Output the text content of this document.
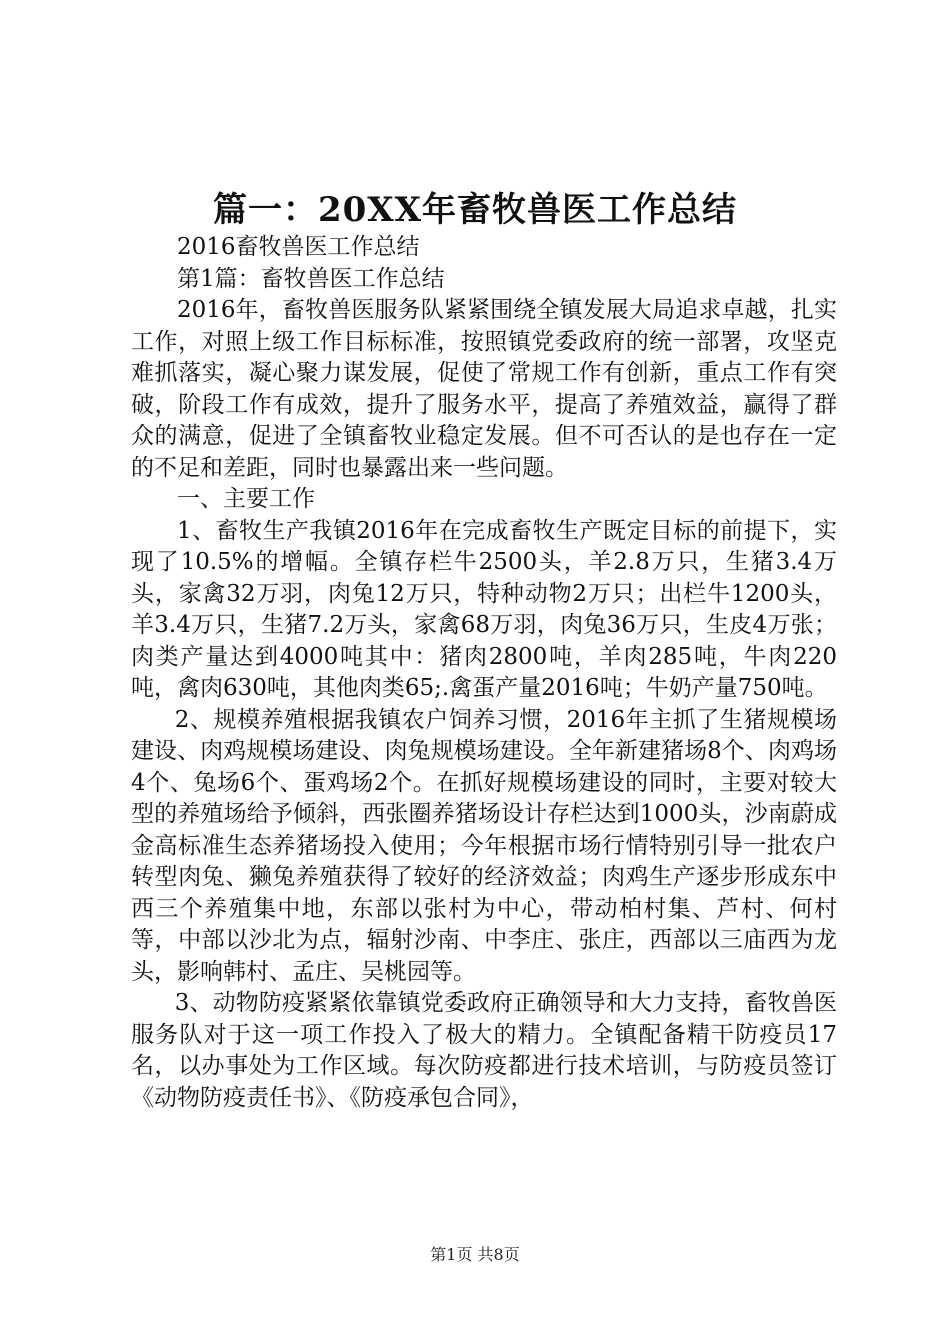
篇一：20XX年畜牧兽医工作总结

2016畜牧兽医工作总结

第1篇：畜牧兽医工作总结

2016年，畜牧兽医服务队紧紧围绕全镇发展大局追求卓越，扎实工作，对照上级工作目标标准，按照镇党委政府的统一部署，攻坚克难抓落实，凝心聚力谋发展，促使了常规工作有创新，重点工作有突破，阶段工作有成效，提升了服务水平，提高了养殖效益，赢得了群众的满意，促进了全镇畜牧业稳定发展。但不可否认的是也存在一定的不足和差距，同时也暴露出来一些问题。

一、主要工作

1、畜牧生产我镇2016年在完成畜牧生产既定目标的前提下，实现了10.5%的增幅。全镇存栏牛2500头，羊2.8万只，生猪3.4万头，家禽32万羽，肉兔12万只，特种动物2万只；出栏牛1200头，羊3.4万只，生猪7.2万头，家禽68万羽，肉兔36万只，生皮4万张；肉类产量达到4000吨其中：猪肉2800吨，羊肉285吨，牛肉220吨，禽肉630吨，其他肉类65;.禽蛋产量2016吨；牛奶产量750吨。

2、规模养殖根据我镇农户饲养习惯，2016年主抓了生猪规模场建设、肉鸡规模场建设、肉兔规模场建设。全年新建猪场8个、肉鸡场4个、兔场6个、蛋鸡场2个。在抓好规模场建设的同时，主要对较大型的养殖场给予倾斜，西张圈养猪场设计存栏达到1000头，沙南蔚成金高标准生态养猪场投入使用；今年根据市场行情特别引导一批农户转型肉兔、獭兔养殖获得了较好的经济效益；肉鸡生产逐步形成东中西三个养殖集中地，东部以张村为中心，带动柏村集、芦村、何村等，中部以沙北为点，辐射沙南、中李庄、张庄，西部以三庙西为龙头，影响韩村、孟庄、吴桃园等。

3、动物防疫紧紧依靠镇党委政府正确领导和大力支持，畜牧兽医服务队对于这一项工作投入了极大的精力。全镇配备精干防疫员17名，以办事处为工作区域。每次防疫都进行技术培训，与防疫员签订《动物防疫责任书》、《防疫承包合同》，

第1页 共8页
